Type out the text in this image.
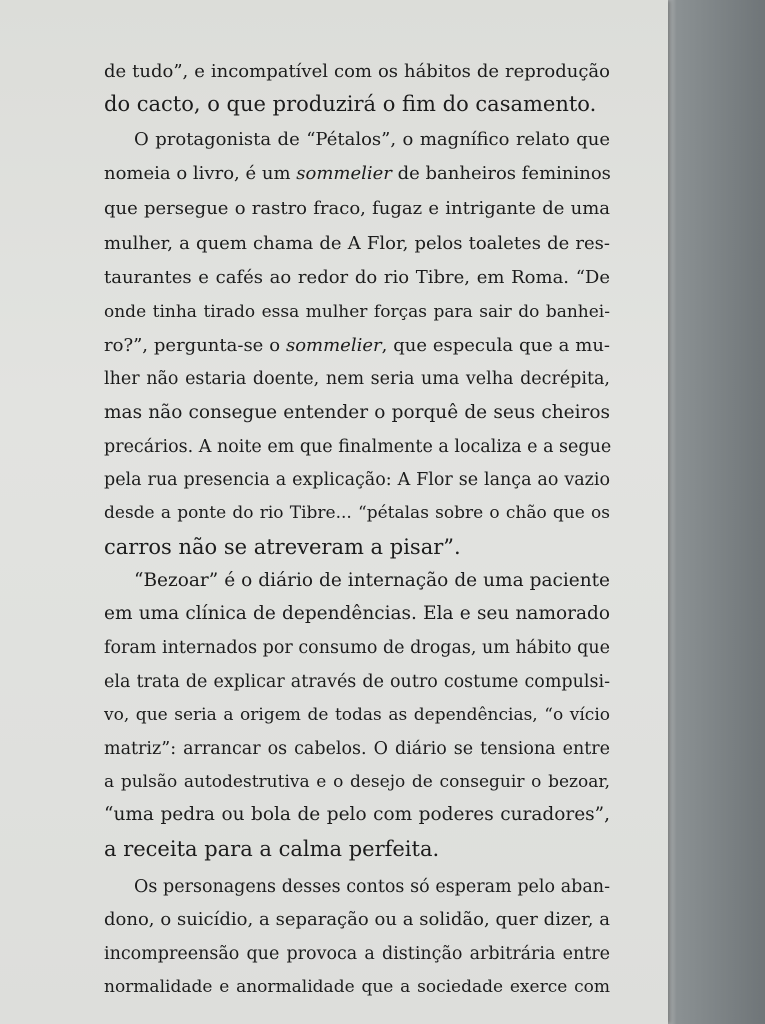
de tudo”, e incompatível com os hábitos de reprodução
do cacto, o que produzirá o fim do casamento.
O protagonista de “Pétalos”, o magnífico relato que
nomeia o livro, é um sommelier de banheiros femininos
que persegue o rastro fraco, fugaz e intrigante de uma
mulher, a quem chama de A Flor, pelos toaletes de res-
taurantes e cafés ao redor do rio Tibre, em Roma. “De
onde tinha tirado essa mulher forças para sair do banhei-
ro?”, pergunta-se o sommelier, que especula que a mu-
lher não estaria doente, nem seria uma velha decrépita,
mas não consegue entender o porquê de seus cheiros
precários. A noite em que finalmente a localiza e a segue
pela rua presencia a explicação: A Flor se lança ao vazio
desde a ponte do rio Tibre... “pétalas sobre o chão que os
carros não se atreveram a pisar”.
“Bezoar” é o diário de internação de uma paciente
em uma clínica de dependências. Ela e seu namorado
foram internados por consumo de drogas, um hábito que
ela trata de explicar através de outro costume compulsi-
vo, que seria a origem de todas as dependências, “o vício
matriz”: arrancar os cabelos. O diário se tensiona entre
a pulsão autodestrutiva e o desejo de conseguir o bezoar,
“uma pedra ou bola de pelo com poderes curadores”,
a receita para a calma perfeita.
Os personagens desses contos só esperam pelo aban-
dono, o suicídio, a separação ou a solidão, quer dizer, a
incompreensão que provoca a distinção arbitrária entre
normalidade e anormalidade que a sociedade exerce com
